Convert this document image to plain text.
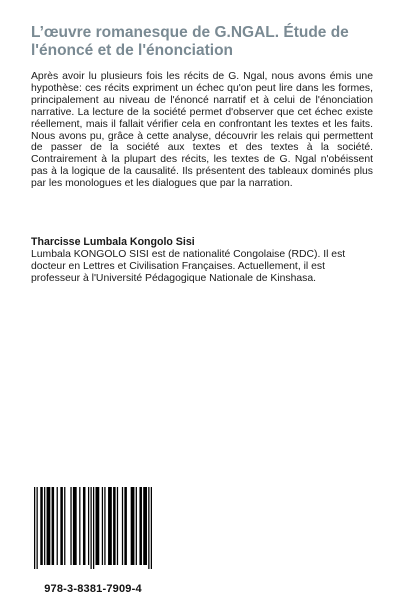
L’œuvre romanesque de G.NGAL. Étude de l'énoncé et de l'énonciation

Après avoir lu plusieurs fois les récits de G. Ngal, nous avons émis une hypothèse: ces récits expriment un échec qu'on peut lire dans les formes, principalement au niveau de l'énoncé narratif et à celui de l'énonciation narrative. La lecture de la société permet d'observer que cet échec existe réellement, mais il fallait vérifier cela en confrontant les textes et les faits. Nous avons pu, grâce à cette analyse, découvrir les relais qui permettent de passer de la société aux textes et des textes à la société. Contrairement à la plupart des récits, les textes de G. Ngal n'obéissent pas à la logique de la causalité. Ils présentent des tableaux dominés plus par les monologues et les dialogues que par la narration.

Tharcisse Lumbala Kongolo Sisi

Lumbala KONGOLO SISI est de nationalité Congolaise (RDC). Il est docteur en Lettres et Civilisation Françaises. Actuellement, il est professeur à l'Université Pédagogique Nationale de Kinshasa.

978-3-8381-7909-4
